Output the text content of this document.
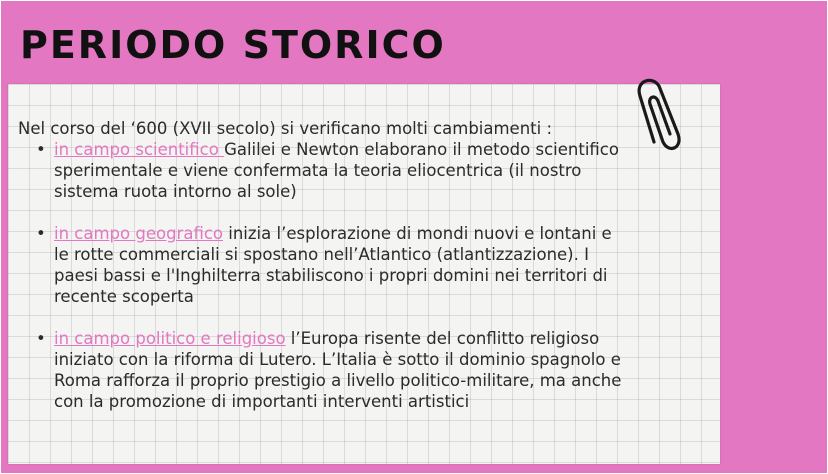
PERIODO STORICO

Nel corso del ‘600 (XVII secolo) si verificano molti cambiamenti :

• in campo scientifico Galilei e Newton elaborano il metodo scientifico sperimentale e viene confermata la teoria eliocentrica (il nostro sistema ruota intorno al sole)
• in campo geografico inizia l’esplorazione di mondi nuovi e lontani e le rotte commerciali si spostano nell’Atlantico (atlantizzazione). I paesi bassi e l'Inghilterra stabiliscono i propri domini nei territori di recente scoperta
• in campo politico e religioso l’Europa risente del conflitto religioso iniziato con la riforma di Lutero. L’Italia è sotto il dominio spagnolo e Roma rafforza il proprio prestigio a livello politico-militare, ma anche con la promozione di importanti interventi artistici
